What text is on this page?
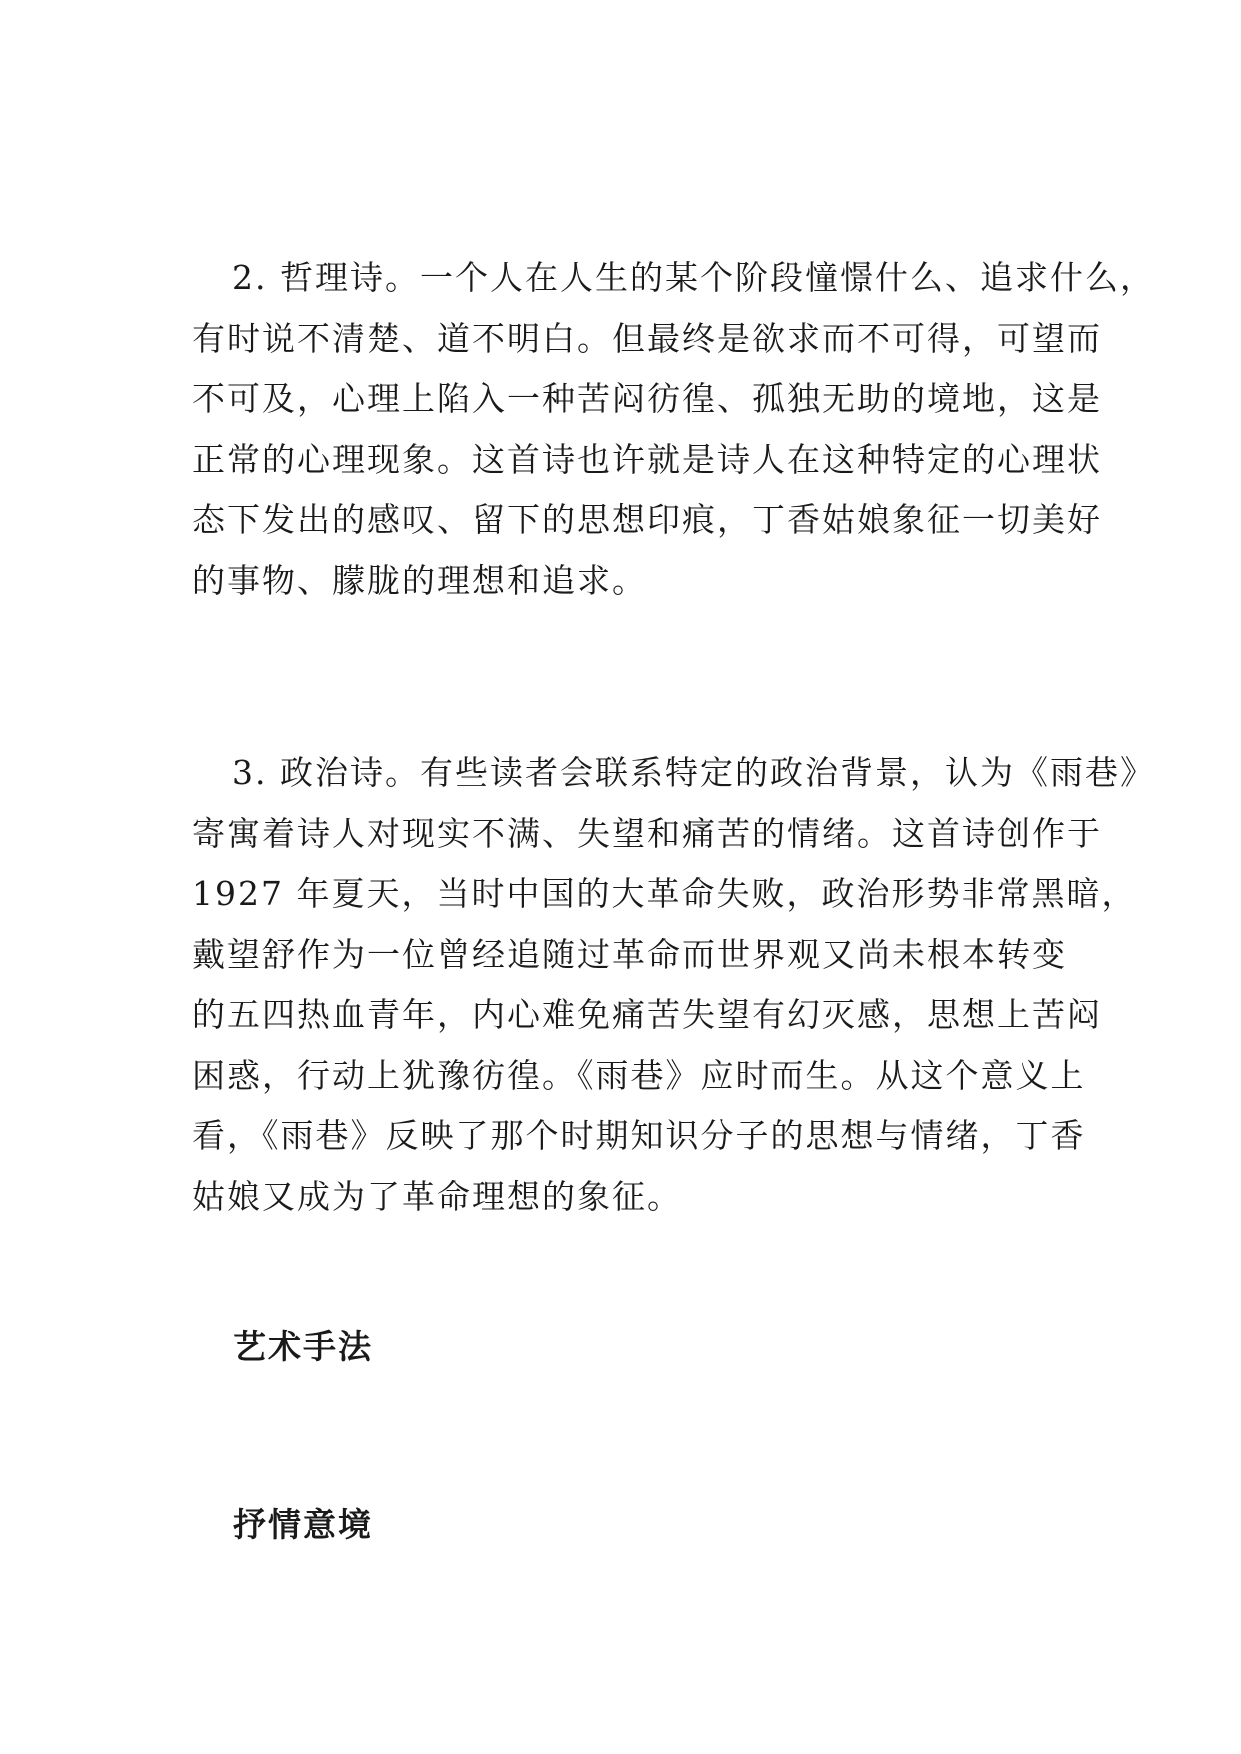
2. 哲理诗。一个人在人生的某个阶段憧憬什么、追求什么，
有时说不清楚、道不明白。但最终是欲求而不可得，可望而
不可及，心理上陷入一种苦闷彷徨、孤独无助的境地，这是
正常的心理现象。这首诗也许就是诗人在这种特定的心理状
态下发出的感叹、留下的思想印痕，丁香姑娘象征一切美好
的事物、朦胧的理想和追求。

3. 政治诗。有些读者会联系特定的政治背景，认为《雨巷》
寄寓着诗人对现实不满、失望和痛苦的情绪。这首诗创作于
1927 年夏天，当时中国的大革命失败，政治形势非常黑暗，
戴望舒作为一位曾经追随过革命而世界观又尚未根本转变
的五四热血青年，内心难免痛苦失望有幻灭感，思想上苦闷
困惑，行动上犹豫彷徨。《雨巷》应时而生。从这个意义上
看，《雨巷》反映了那个时期知识分子的思想与情绪，丁香
姑娘又成为了革命理想的象征。

艺术手法
抒情意境
